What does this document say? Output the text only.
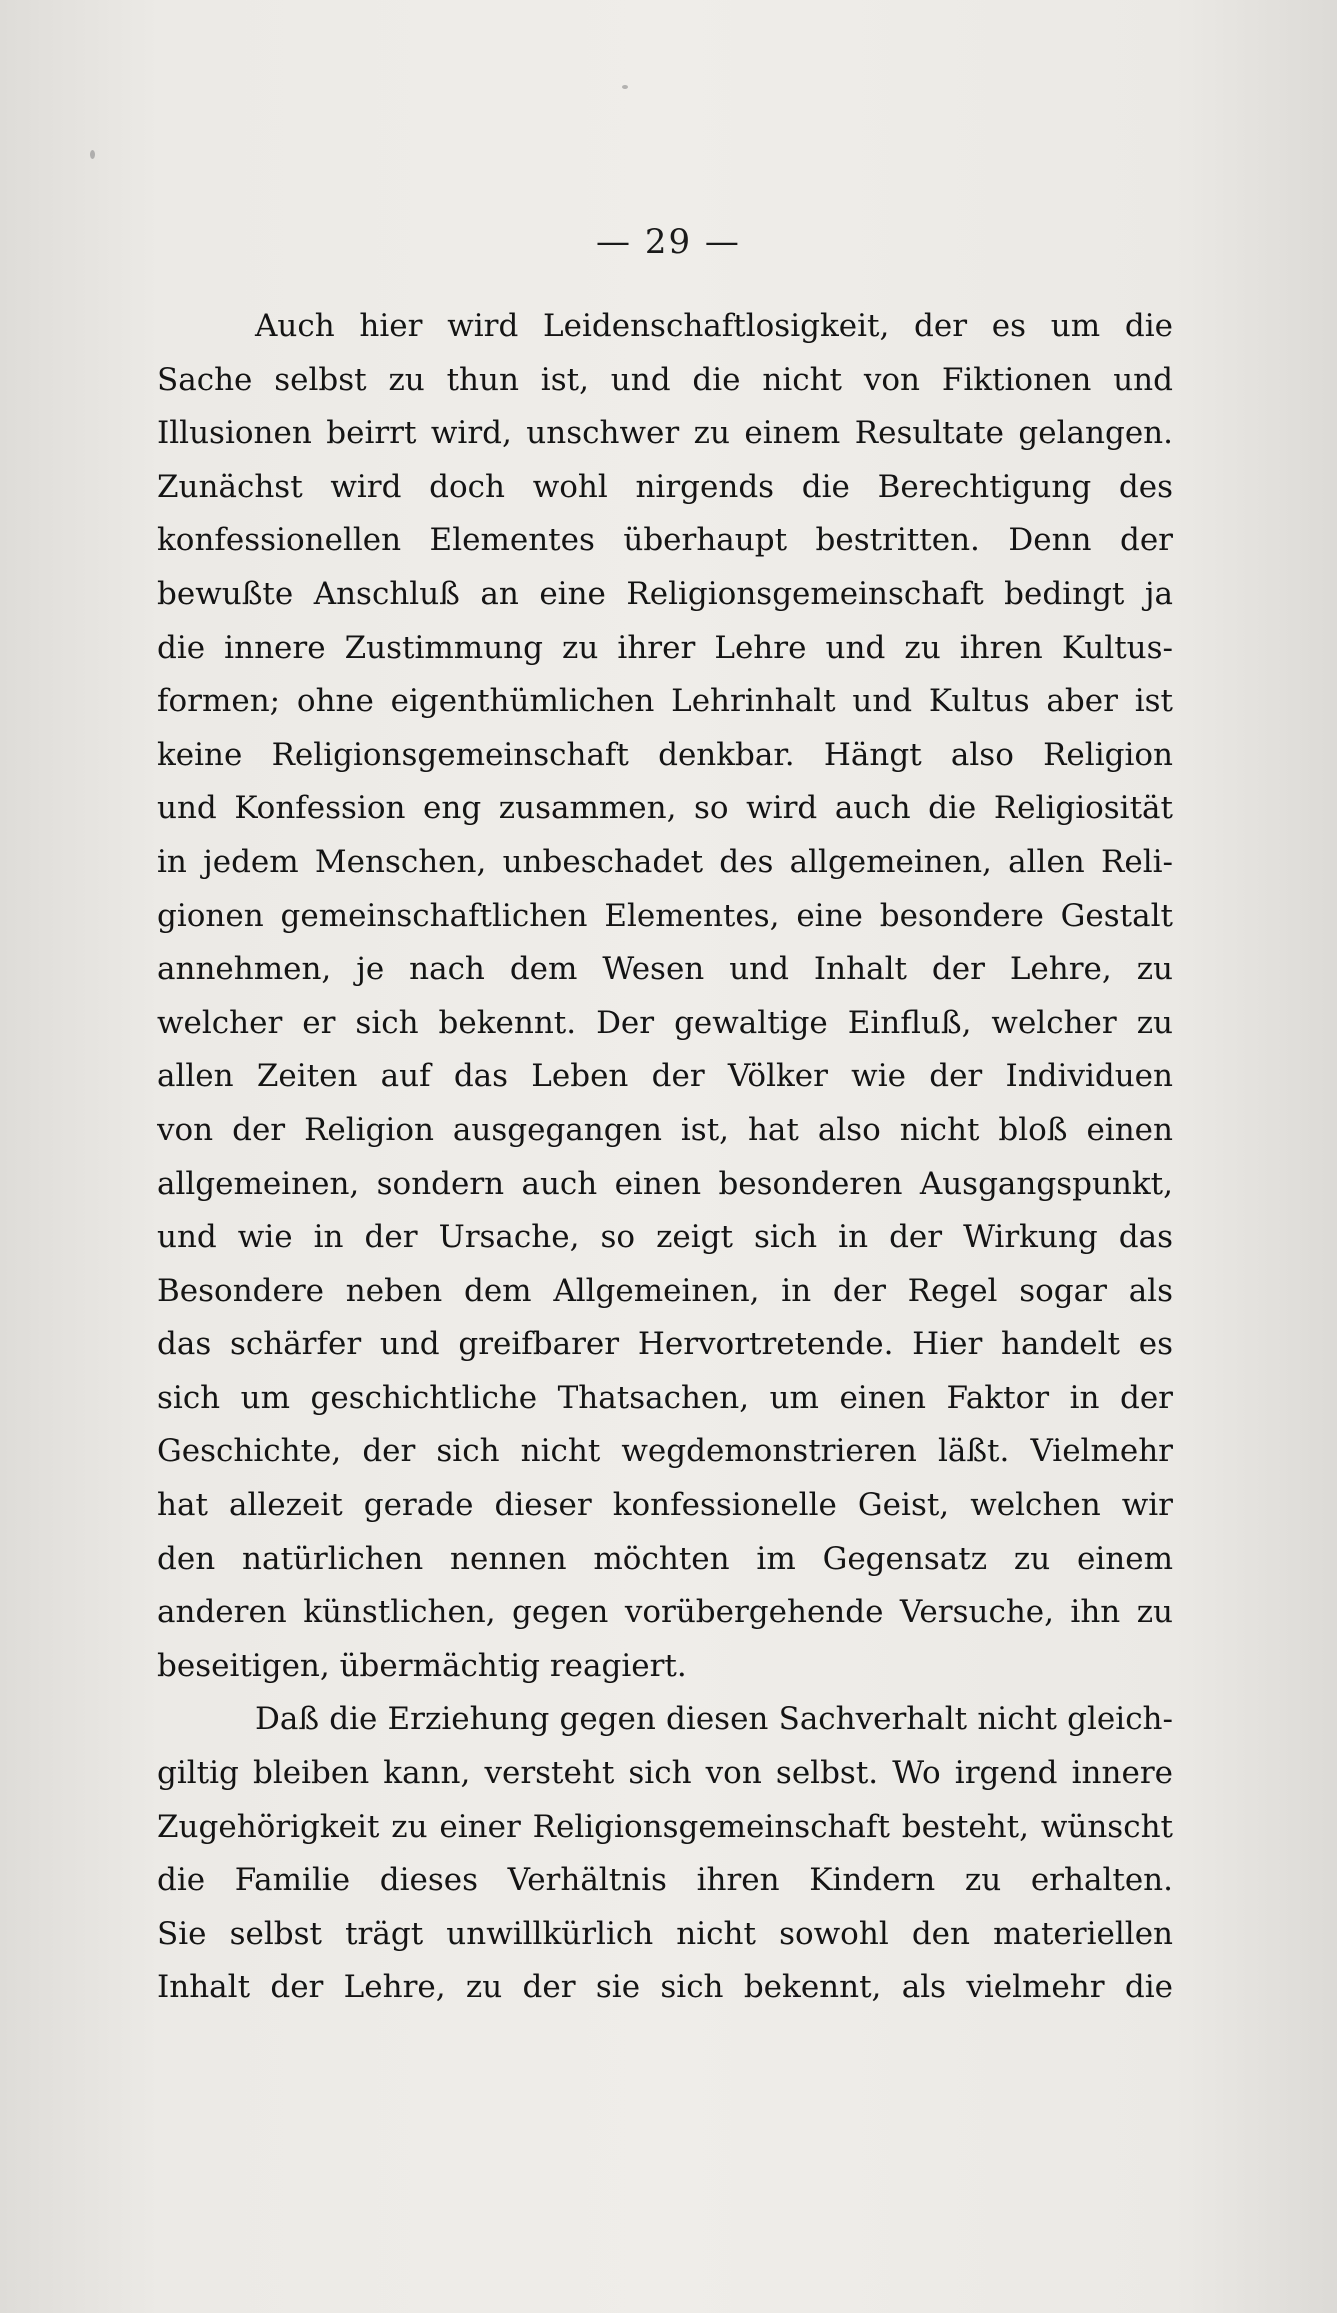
— 29 —
Auch hier wird Leidenschaftlosigkeit, der es um die
Sache selbst zu thun ist, und die nicht von Fiktionen und
Illusionen beirrt wird, unschwer zu einem Resultate gelangen.
Zunächst wird doch wohl nirgends die Berechtigung des
konfessionellen Elementes überhaupt bestritten. Denn der
bewußte Anschluß an eine Religionsgemeinschaft bedingt ja
die innere Zustimmung zu ihrer Lehre und zu ihren Kultus-
formen; ohne eigenthümlichen Lehrinhalt und Kultus aber ist
keine Religionsgemeinschaft denkbar. Hängt also Religion
und Konfession eng zusammen, so wird auch die Religiosität
in jedem Menschen, unbeschadet des allgemeinen, allen Reli-
gionen gemeinschaftlichen Elementes, eine besondere Gestalt
annehmen, je nach dem Wesen und Inhalt der Lehre, zu
welcher er sich bekennt. Der gewaltige Einfluß, welcher zu
allen Zeiten auf das Leben der Völker wie der Individuen
von der Religion ausgegangen ist, hat also nicht bloß einen
allgemeinen, sondern auch einen besonderen Ausgangspunkt,
und wie in der Ursache, so zeigt sich in der Wirkung das
Besondere neben dem Allgemeinen, in der Regel sogar als
das schärfer und greifbarer Hervortretende. Hier handelt es
sich um geschichtliche Thatsachen, um einen Faktor in der
Geschichte, der sich nicht wegdemonstrieren läßt. Vielmehr
hat allezeit gerade dieser konfessionelle Geist, welchen wir
den natürlichen nennen möchten im Gegensatz zu einem
anderen künstlichen, gegen vorübergehende Versuche, ihn zu
beseitigen, übermächtig reagiert.
Daß die Erziehung gegen diesen Sachverhalt nicht gleich-
giltig bleiben kann, versteht sich von selbst. Wo irgend innere
Zugehörigkeit zu einer Religionsgemeinschaft besteht, wünscht
die Familie dieses Verhältnis ihren Kindern zu erhalten.
Sie selbst trägt unwillkürlich nicht sowohl den materiellen
Inhalt der Lehre, zu der sie sich bekennt, als vielmehr die
